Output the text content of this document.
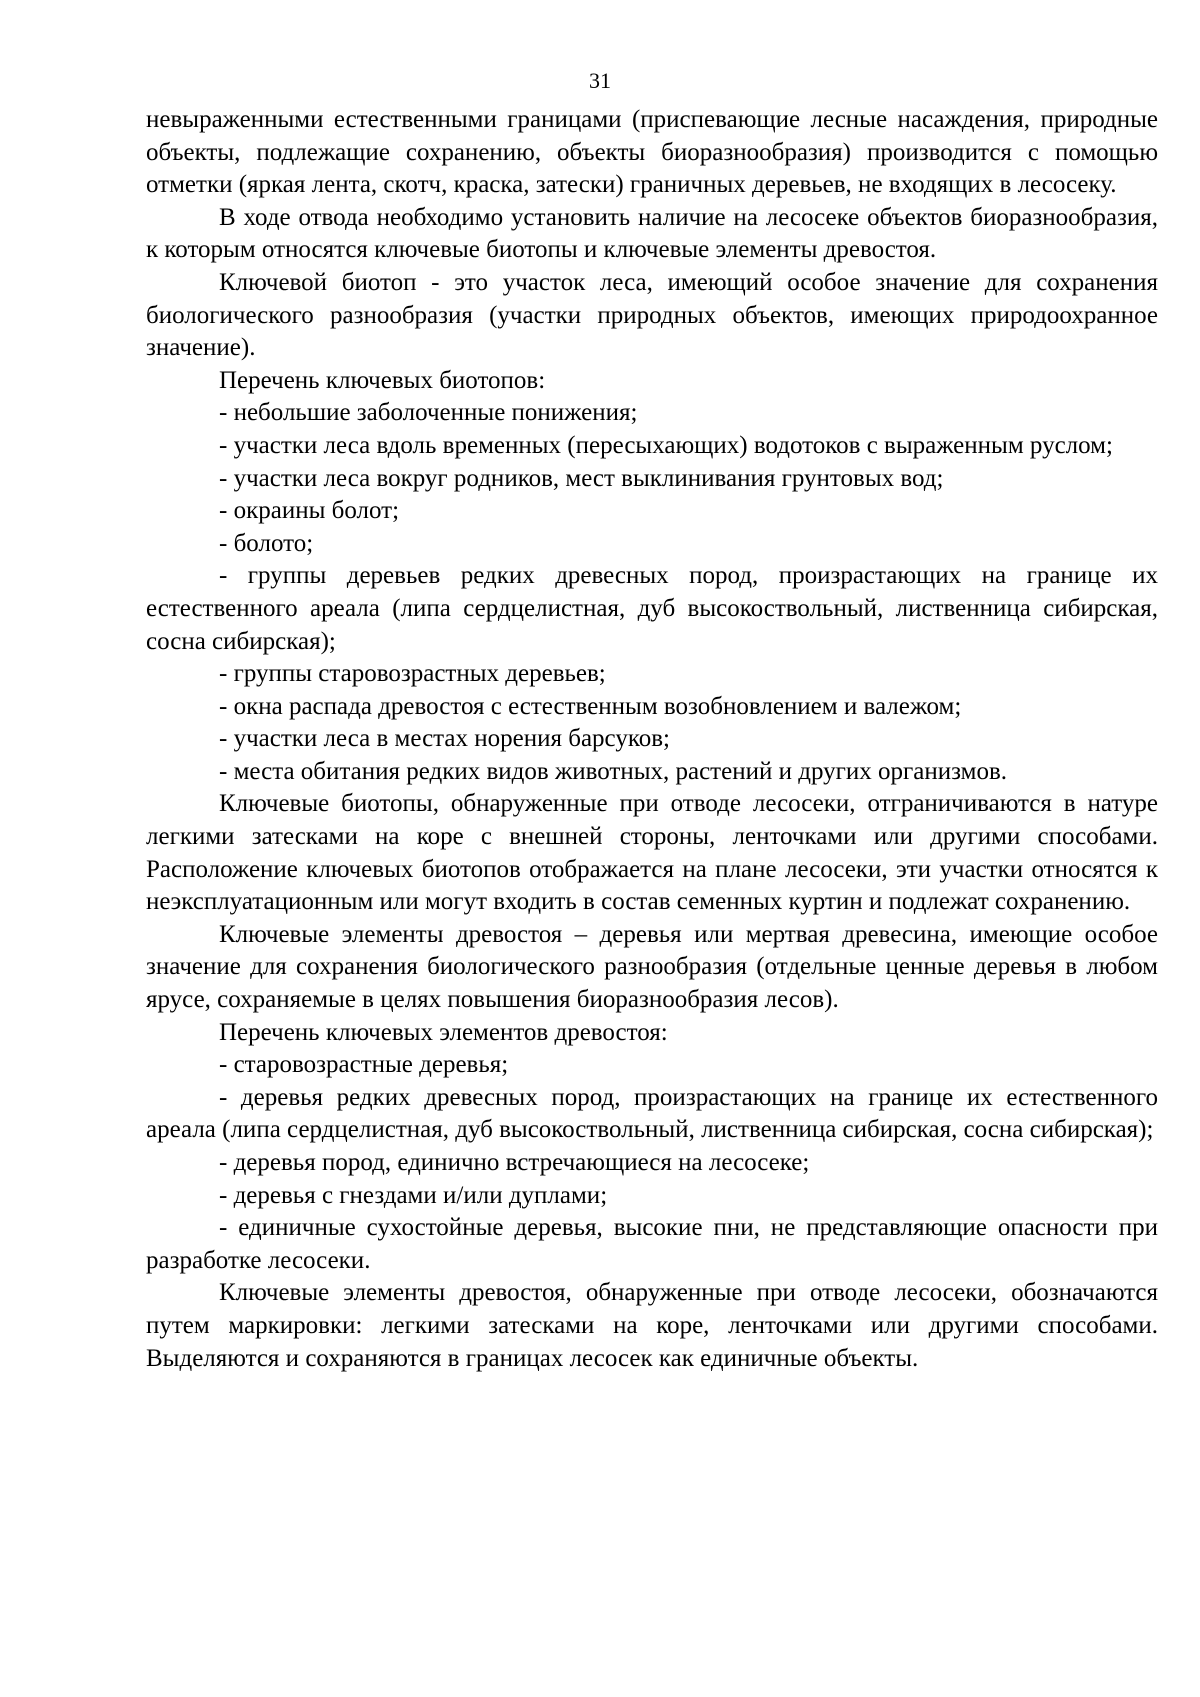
31

невыраженными естественными границами (приспевающие лесные насаждения, природные объекты, подлежащие сохранению, объекты биоразнообразия) производится с помощью отметки (яркая лента, скотч, краска, затески) граничных деревьев, не входящих в лесосеку.

В ходе отвода необходимо установить наличие на лесосеке объектов биоразнообразия, к которым относятся ключевые биотопы и ключевые элементы древостоя.

Ключевой биотоп - это участок леса, имеющий особое значение для сохранения биологического разнообразия (участки природных объектов, имеющих природоохранное значение).

Перечень ключевых биотопов:

- небольшие заболоченные понижения;

- участки леса вдоль временных (пересыхающих) водотоков с выраженным руслом;

- участки леса вокруг родников, мест выклинивания грунтовых вод;

- окраины болот;

- болото;

- группы деревьев редких древесных пород, произрастающих на границе их естественного ареала (липа сердцелистная, дуб высокоствольный, лиственница сибирская, сосна сибирская);

- группы старовозрастных деревьев;

- окна распада древостоя с естественным возобновлением и валежом;

- участки леса в местах норения барсуков;

- места обитания редких видов животных, растений и других организмов.

Ключевые биотопы, обнаруженные при отводе лесосеки, отграничиваются в натуре легкими затесками на коре с внешней стороны, ленточками или другими способами. Расположение ключевых биотопов отображается на плане лесосеки, эти участки относятся к неэксплуатационным или могут входить в состав семенных куртин и подлежат сохранению.

Ключевые элементы древостоя – деревья или мертвая древесина, имеющие особое значение для сохранения биологического разнообразия (отдельные ценные деревья в любом ярусе, сохраняемые в целях повышения биоразнообразия лесов).

Перечень ключевых элементов древостоя:

- старовозрастные деревья;

- деревья редких древесных пород, произрастающих на границе их естественного ареала (липа сердцелистная, дуб высокоствольный, лиственница сибирская, сосна сибирская);

- деревья пород, единично встречающиеся на лесосеке;

- деревья с гнездами и/или дуплами;

- единичные сухостойные деревья, высокие пни, не представляющие опасности при разработке лесосеки.

Ключевые элементы древостоя, обнаруженные при отводе лесосеки, обозначаются путем маркировки: легкими затесками на коре, ленточками или другими способами. Выделяются и сохраняются в границах лесосек как единичные объекты.
